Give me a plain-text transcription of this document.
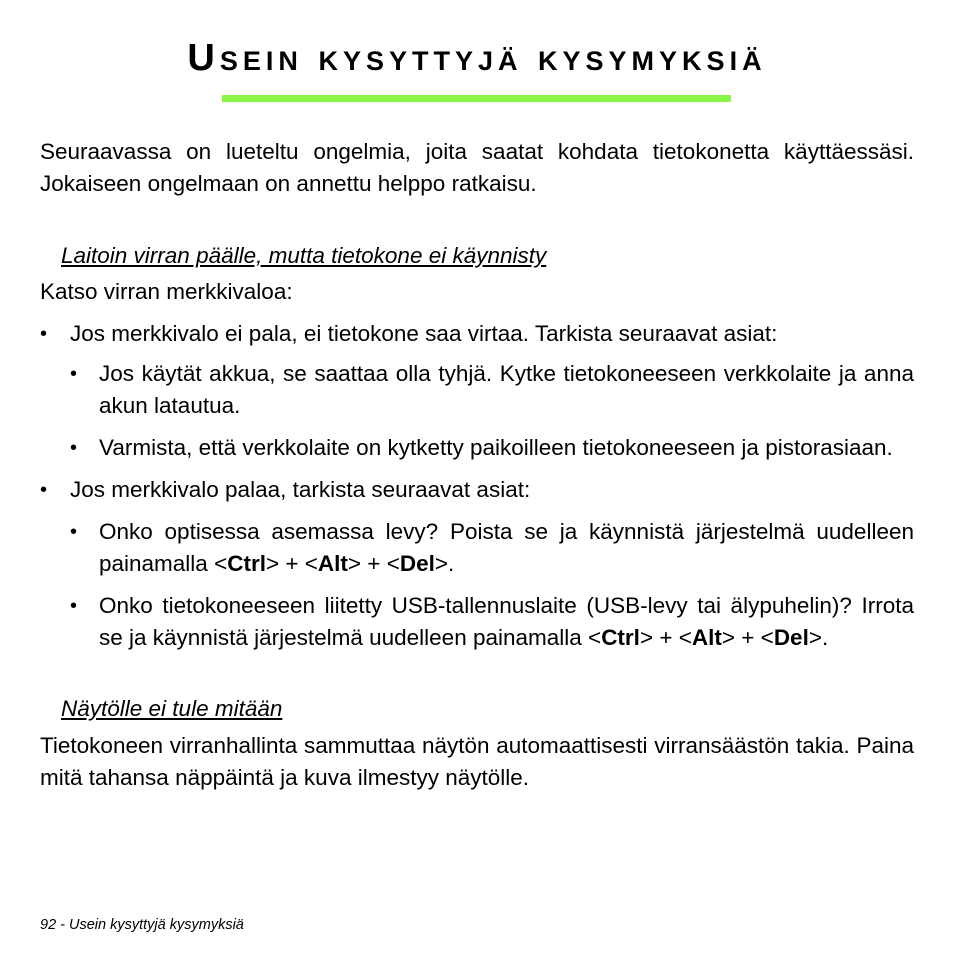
Usein kysyttyjä kysymyksiä

Seuraavassa on lueteltu ongelmia, joita saatat kohdata tietokonetta käyttäessäsi. Jokaiseen ongelmaan on annettu helppo ratkaisu.

Laitoin virran päälle, mutta tietokone ei käynnisty

Katso virran merkkivaloa:

• Jos merkkivalo ei pala, ei tietokone saa virtaa. Tarkista seuraavat asiat:
• Jos käytät akkua, se saattaa olla tyhjä. Kytke tietokoneeseen verkkolaite ja anna akun latautua.
• Varmista, että verkkolaite on kytketty paikoilleen tietokoneeseen ja pistorasiaan.
• Jos merkkivalo palaa, tarkista seuraavat asiat:
• Onko optisessa asemassa levy? Poista se ja käynnistä järjestelmä uudelleen painamalla <Ctrl> + <Alt> + <Del>.
• Onko tietokoneeseen liitetty USB-tallennuslaite (USB-levy tai älypuhelin)? Irrota se ja käynnistä järjestelmä uudelleen painamalla <Ctrl> + <Alt> + <Del>.

Näytölle ei tule mitään

Tietokoneen virranhallinta sammuttaa näytön automaattisesti virransäästön takia. Paina mitä tahansa näppäintä ja kuva ilmestyy näytölle.

92 - Usein kysyttyjä kysymyksiä
